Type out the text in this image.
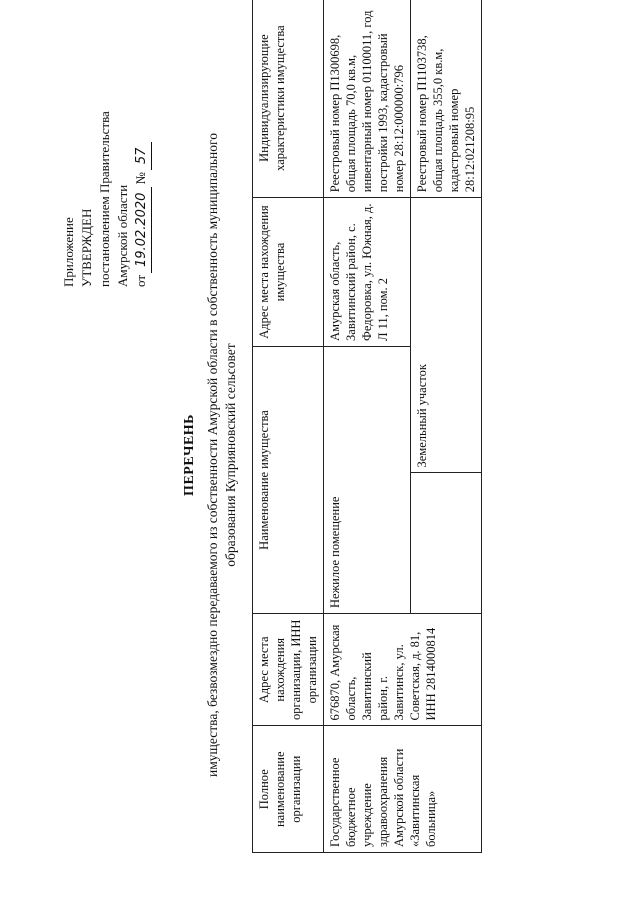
Приложение УТВЕРЖДЕН постановлением Правительства Амурской области от
19.02.2020
№
57
ПЕРЕЧЕНЬ имущества, безвозмездно передаваемого из собственности Амурской области в собственность муниципального образования Куприяновский сельсовет
Полное наименование организации	Адрес места нахождения организации, ИНН организации	Наименование имущества		Адрес места нахождения имущества	Индивидуализирующие характеристики имущества
Государственное бюджетное учреждение здравоохранения Амурской области «Завитинская больница»	676870, Амурская область, Завитинский район, г. Завитинск, ул. Советская, д. 81, ИНН 2814000814	Нежилое помещение		Амурская область, Завитинский район, с. Федоровка, ул. Южная, д. Л 11, пом. 2	Реестровый номер П1300698, общая площадь 70,0 кв.м, инвентарный номер 01100011, год постройки 1993, кадастровый номер 28:12:000000:796
			Земельный участок		Реестровый номер П1103738, общая площадь 355,0 кв.м, кадастровый номер 28:12:021208:95
